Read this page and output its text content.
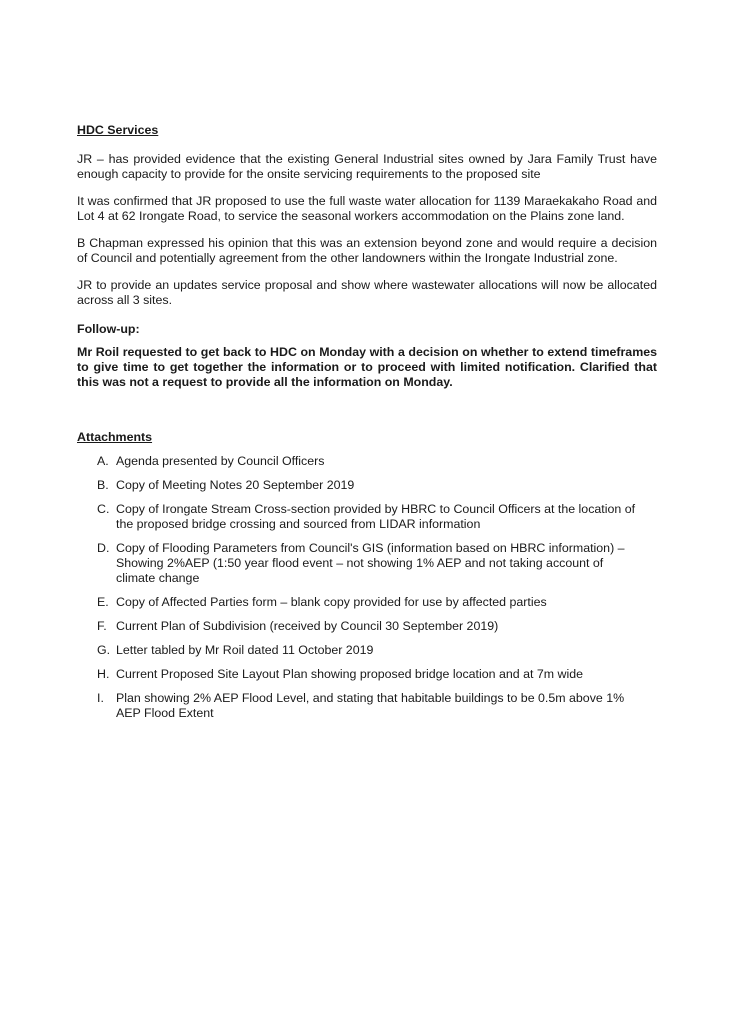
HDC Services

JR – has provided evidence that the existing General Industrial sites owned by Jara Family Trust have enough capacity to provide for the onsite servicing requirements to the proposed site

It was confirmed that JR proposed to use the full waste water allocation for 1139 Maraekakaho Road and Lot 4 at 62 Irongate Road, to service the seasonal workers accommodation on the Plains zone land.

B Chapman expressed his opinion that this was an extension beyond zone and would require a decision of Council and potentially agreement from the other landowners within the Irongate Industrial zone.

JR to provide an updates service proposal and show where wastewater allocations will now be allocated across all 3 sites.

Follow-up:

Mr Roil requested to get back to HDC on Monday with a decision on whether to extend timeframes to give time to get together the information or to proceed with limited notification. Clarified that this was not a request to provide all the information on Monday.

Attachments

A. Agenda presented by Council Officers
B. Copy of Meeting Notes 20 September 2019
C. Copy of Irongate Stream Cross-section provided by HBRC to Council Officers at the location of the proposed bridge crossing and sourced from LIDAR information
D. Copy of Flooding Parameters from Council's GIS (information based on HBRC information) – Showing 2%AEP (1:50 year flood event – not showing 1% AEP and not taking account of climate change
E. Copy of Affected Parties form – blank copy provided for use by affected parties
F. Current Plan of Subdivision (received by Council 30 September 2019)
G. Letter tabled by Mr Roil dated 11 October 2019
H. Current Proposed Site Layout Plan showing proposed bridge location and at 7m wide
I. Plan showing 2% AEP Flood Level, and stating that habitable buildings to be 0.5m above 1% AEP Flood Extent
